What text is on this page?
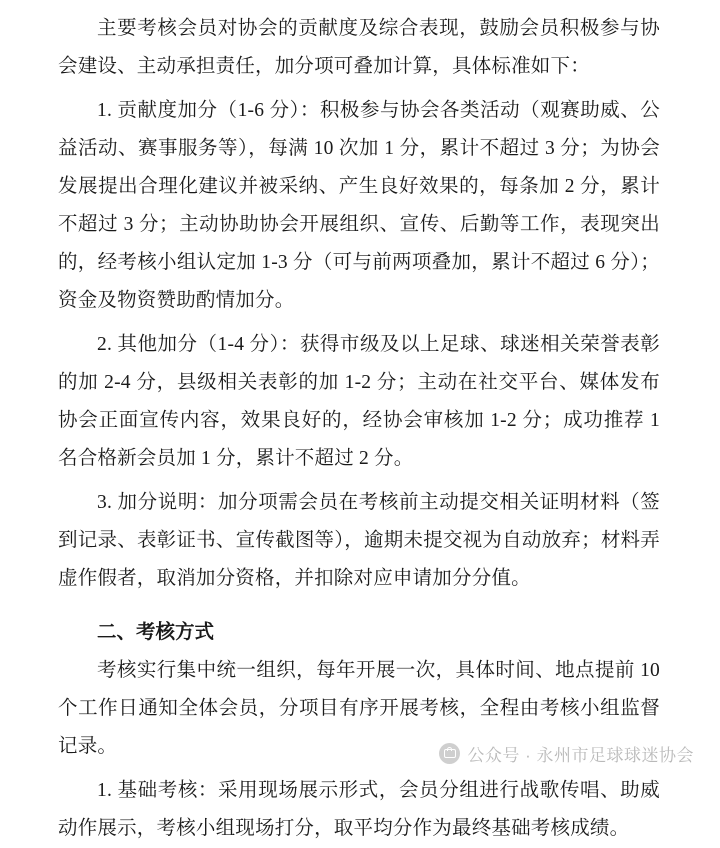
主要考核会员对协会的贡献度及综合表现，鼓励会员积极参与协会建设、主动承担责任，加分项可叠加计算，具体标准如下：

1. 贡献度加分（1-6 分）：积极参与协会各类活动（观赛助威、公益活动、赛事服务等），每满 10 次加 1 分，累计不超过 3 分；为协会发展提出合理化建议并被采纳、产生良好效果的，每条加 2 分，累计不超过 3 分；主动协助协会开展组织、宣传、后勤等工作，表现突出的，经考核小组认定加 1-3 分（可与前两项叠加，累计不超过 6 分）；资金及物资赞助酌情加分。

2. 其他加分（1-4 分）：获得市级及以上足球、球迷相关荣誉表彰的加 2-4 分，县级相关表彰的加 1-2 分；主动在社交平台、媒体发布协会正面宣传内容，效果良好的，经协会审核加 1-2 分；成功推荐 1 名合格新会员加 1 分，累计不超过 2 分。

3. 加分说明：加分项需会员在考核前主动提交相关证明材料（签到记录、表彰证书、宣传截图等），逾期未提交视为自动放弃；材料弄虚作假者，取消加分资格，并扣除对应申请加分分值。

二、考核方式

考核实行集中统一组织，每年开展一次，具体时间、地点提前 10 个工作日通知全体会员，分项目有序开展考核，全程由考核小组监督记录。

1. 基础考核：采用现场展示形式，会员分组进行战歌传唱、助威动作展示，考核小组现场打分，取平均分作为最终基础考核成绩。

公众号 · 永州市足球球迷协会
